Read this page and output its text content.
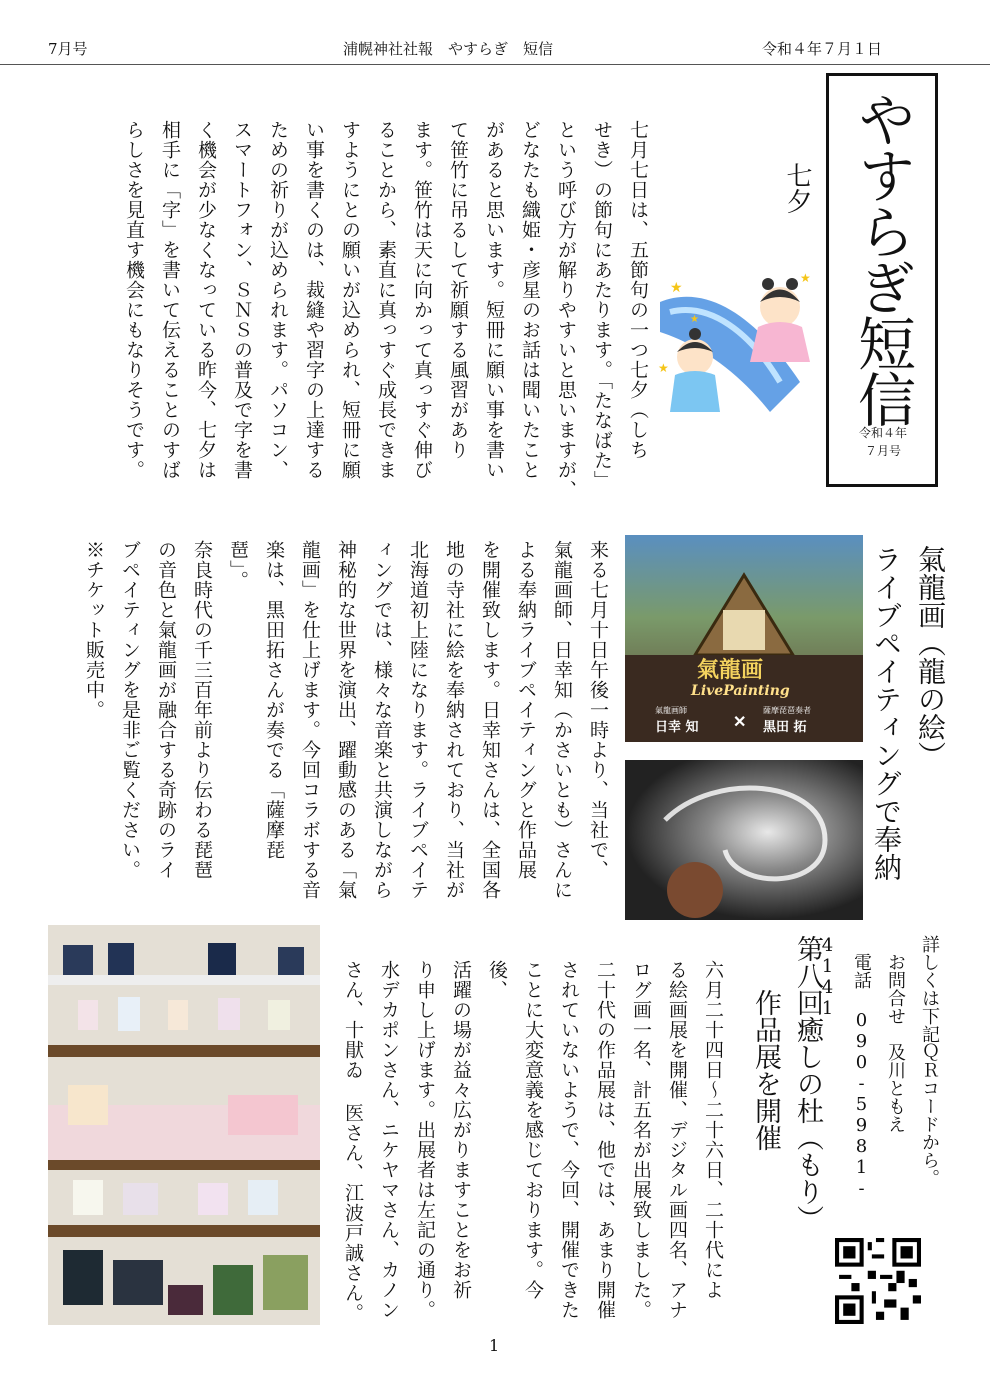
7月号	浦幌神社社報　やすらぎ　短信	令和４年７月１日
やすらぎ短信
令和４年
７月号
七夕
★
★
★
★
七月七日は、五節句の一つ七夕（しち
せき）の節句にあたります。「たなばた」
という呼び方が解りやすいと思いますが、
どなたも織姫・彦星のお話は聞いたこと
があると思います。短冊に願い事を書い
て笹竹に吊るして祈願する風習があり
ます。笹竹は天に向かって真っすぐ伸び
ることから、素直に真っすぐ成長できま
すようにとの願いが込められ、短冊に願
い事を書くのは、裁縫や習字の上達する
ための祈りが込められます。パソコン、
スマートフォン、ＳＮＳの普及で字を書
く機会が少なくなっている昨今、七夕は
相手に「字」を書いて伝えることのすば
らしさを見直す機会にもなりそうです。
氣龍画（龍の絵）
ライブペイティングで奉納
氣龍画
LivePainting
氣龍画師
日幸 知 ✕
薩摩琵琶奏者
黒田 拓
来る七月十日午後一時より、当社で、
氣龍画師、日幸知（かさいとも）さんに
よる奉納ライブペイティングと作品展
を開催致します。日幸知さんは、全国各
地の寺社に絵を奉納されており、当社が
北海道初上陸になります。ライブペイテ
ィングでは、様々な音楽と共演しながら
神秘的な世界を演出、躍動感のある「氣
龍画」を仕上げます。今回コラボする音
楽は、黒田拓さんが奏でる「薩摩琵琶」。
奈良時代の千三百年前より伝わる琵琶
の音色と氣龍画が融合する奇跡のライ
ブペイティングを是非ご覧ください。
※チケット販売中。
詳しくは下記ＱＲコードから。
　お問合せ　及川ともえ
　電話 090-5981-4141
第八回癒しの杜（もり）
　　作品展を開催
六月二十四日～二十六日、二十代によ
る絵画展を開催、デジタル画四名、アナ
ログ画一名、計五名が出展致しました。
二十代の作品展は、他では、あまり開催
されていないようで、今回、開催できた
ことに大変意義を感じております。今後、
活躍の場が益々広がりますことをお祈
り申し上げます。出展者は左記の通り。
水デカポンさん、ニケヤマさん、カノン
さん、十猒ゐ 医さん、江波戸誠さん。
1
